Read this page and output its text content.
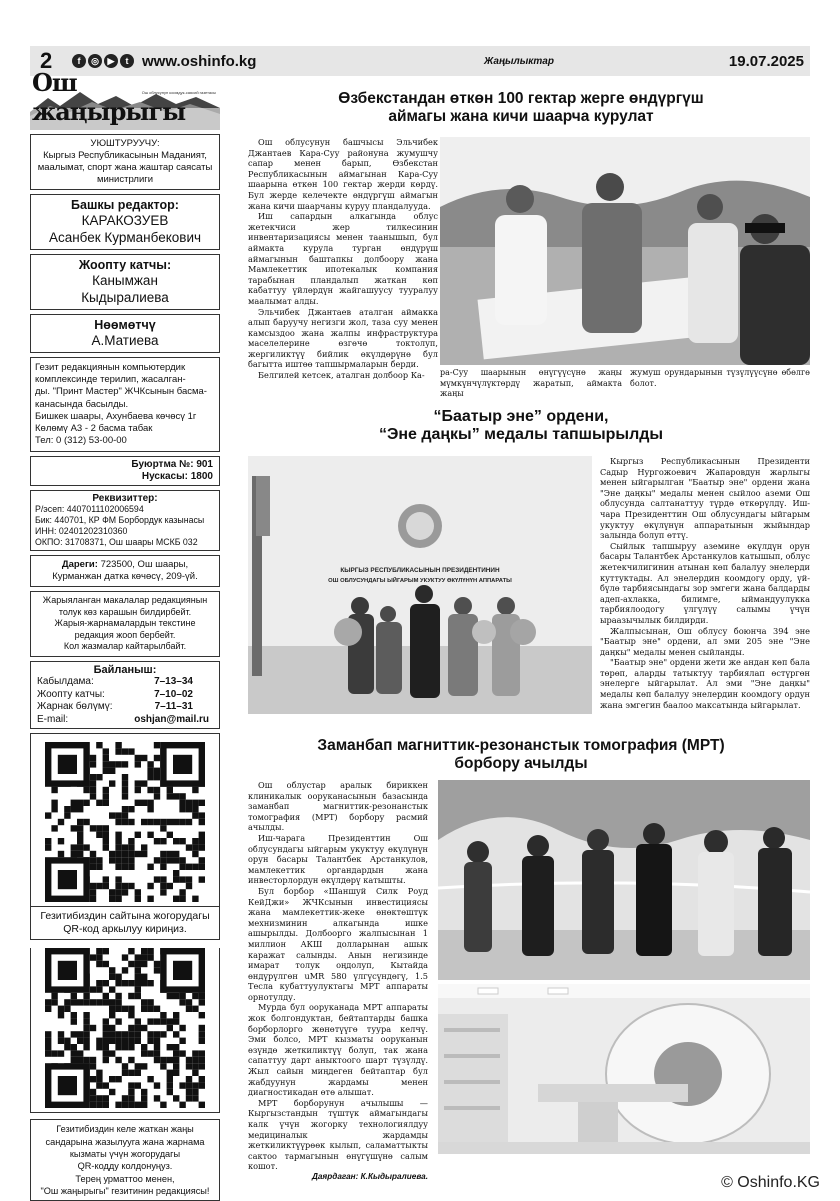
2	f	◎ ▶	t www.oshinfo.kg	Жаңылыктар	19.07.2025
Ош облусунун коомдук-саясий газетасы
Ош жаңырыгы
УЮШТУРУУЧУ:
Кыргыз Республикасынын Маданият, маалымат, спорт жана жаштар саясаты министрлиги
Башкы редактор:
КАРАКОЗУЕВ
Асанбек Курманбекович
Жоопту катчы:
Канымжан
Кыдыралиева
Нөөмөтчү
А.Матиева
Гезит редакциянын компьютердик
комплексинде терилип, жасалган-
ды. "Принт Мастер" ЖЧКсынын басма-
канасында басылды.
Бишкек шаары, Ахунбаева көчөсү 1г
Көлөмү А3 - 2 басма табак
Тел: 0 (312) 53-00-00
Буюртма №: 901
Нускасы: 1800
Реквизиттер:
Р/эсеп: 4407011102006594
Бик: 440701, КР ФМ Борбордук казынасы
ИНН: 02401202310360
ОКПО: 31708371, Ош шаары МСКБ 032
Дареги: 723500, Ош шаары,
Курманжан датка көчөсү, 209-үй.
Жарыяланган макалалар редакциянын
толук көз карашын билдирбейт.
Жарыя-жарнамалардын текстине
редакция жооп бербейт.
Кол жазмалар кайтарылбайт.
Байланыш:
Кабылдама:	7–13–34
Жоопту катчы:	7–10–02
Жарнак бөлүмү:	7–11–31
E-mail:	oshjan@mail.ru
Гезитибиздин сайтына жогорудагы QR-код аркылуу кириңиз.
Гезитибиздин келе жаткан жаңы
сандарына жазылууга жана жарнама
кызматы үчүн жогорудагы
QR-кодду колдонуңуз.
Терең урматтоо менен,
"Ош жаңырыгы" гезитинин редакциясы!
Өзбекстандан өткөн 100 гектар жерге өндүргүш
аймагы жана кичи шаарча курулат

Ош облусунун башчысы Эльчибек Джантаев Кара-Суу районуна жумушчу сапар менен барып, Өзбекстан Республикасынын аймагынан Кара-Суу шаарына өткөн 100 гектар жерди көрдү. Бул жерде келечекте өндүргүш аймагын жана кичи шаарчаны куруу пландалууда.

Иш сапардын алкагында облус жетекчиси жер тилкесинин инвентаризациясы менен таанышып, бул аймакта курула турган өндүрүш аймагынын баштапкы долбоору жана Мамлекеттик ипотекалык компания тарабынан пландалып жаткан көп кабаттуу үйлөрдүн жайгашуусу тууралуу маалымат алды.

Эльчибек Джантаев аталган аймакка алып баруучу негизги жол, таза суу менен камсыздоо жана жалпы инфраструктура маселелерине өзгөчө токтолуп, жергиликтүү бийлик өкүлдөрүнө бул багытта иштөө тапшырмаларын берди.

Белгилей кетсек, аталган долбоор Ка-	ра-Суу шаарынын өнүгүүсүнө жаңы мүмкүнчүлүктөрдү жаратып, аймакта жаңы
жумуш орундарынын түзүлүүсүнө өбөлгө болот.
“Баатыр эне” ордени,
“Эне даңкы” медалы тапшырылды
КЫРГЫЗ РЕСПУБЛИКАСЫНЫН ПРЕЗИДЕНТИНИН
ОШ ОБЛУСУНДАГЫ ЫЙГАРЫМ УКУКТУУ ӨКҮЛҮНҮН АППАРАТЫ

Кыргыз Республикасынын Президенти Садыр Нургожоевич Жапаровдун жарлыгы менен ыйгарылган "Баатыр эне" ордени жана "Эне даңкы" медалы менен сыйлоо аземи Ош облусунда салтанаттуу түрдө өткөрүлдү. Иш-чара Президенттин Ош облусундагы ыйгарым укуктуу өкүлүнүн аппаратынын жыйындар залында болуп өттү.

Сыйлык тапшыруу аземине өкүлдүн орун басары Талантбек Арстанкулов катышып, облус жетекчилигинин атынан көп балалуу энелерди куттуктады. Ал энелердин коомдогу орду, үй-бүлө тарбиясындагы зор эмгеги жана балдарды адеп-ахлакка, билимге, ыймандуулукка тарбиялоодогу үлгүлүү салымы үчүн ыраазычылык билдирди.

Жалпысынан, Ош облусу боюнча 394 эне "Баатыр эне" ордени, ал эми 205 эне "Эне даңкы" медалы менен сыйланды.

"Баатыр эне" ордени жети же андан көп бала төрөп, аларды татыктуу тарбиялап өстүргөн энелерге ыйгарылат. Ал эми "Эне даңкы" медалы көп балалуу энелердин коомдогу ордун жана эмгегин баалоо максатында ыйгарылат.

Заманбап магниттик-резонанстык томография (МРТ)
борбору ачылды

Ош облустар аралык бириккен клиникалык ооруканасынын базасында заманбап магниттик-резонанстык томография (МРТ) борбору расмий ачылды.

Иш-чарага Президенттин Ош облусундагы ыйгарым укуктуу өкүлүнүн орун басары Талантбек Арстанкулов, мамлекеттик органдардын жана инвесторлордун өкүлдөрү катышты.

Бул борбор «Шаншуй Силк Роуд КейДжи» ЖЧКсынын инвестициясы жана мамлекеттик-жеке өнөктөштүк мехнизминин алкагында ишке ашырылды. Долбоорго жалпысынан 1 миллион АКШ долларынан ашык каражат салынды. Анын негизинде имарат толук оңдолуп, Кытайда өндүрүлгөн uMR 580 үлгүсүндөгү, 1.5 Тесла кубаттуулуктагы МРТ аппараты орнотулду.

Мурда бул ооруканада МРТ аппараты жок болгондуктан, бейтаптарды башка борборлорго жөнөтүүгө туура келчү. Эми болсо, МРТ кызматы ооруканын өзүндө жеткиликтүү болуп, так жана сапаттуу дарт аныктоого шарт түзүлдү. Жыл сайын миңдеген бейтаптар бул жабдуунун жардамы менен диагностикадан өтө алышат.

МРТ борборунун ачылышы — Кыргызстандын түштүк аймагындагы калк үчүн жогорку технологиялдуу медициналык жардамды жеткиликтүүрөөк кылып, саламаттыкты сактоо тармагынын өнүгүшүнө салым кошот.

Даярдаган: К.Кыдыралиева.	© Oshinfo.KG
